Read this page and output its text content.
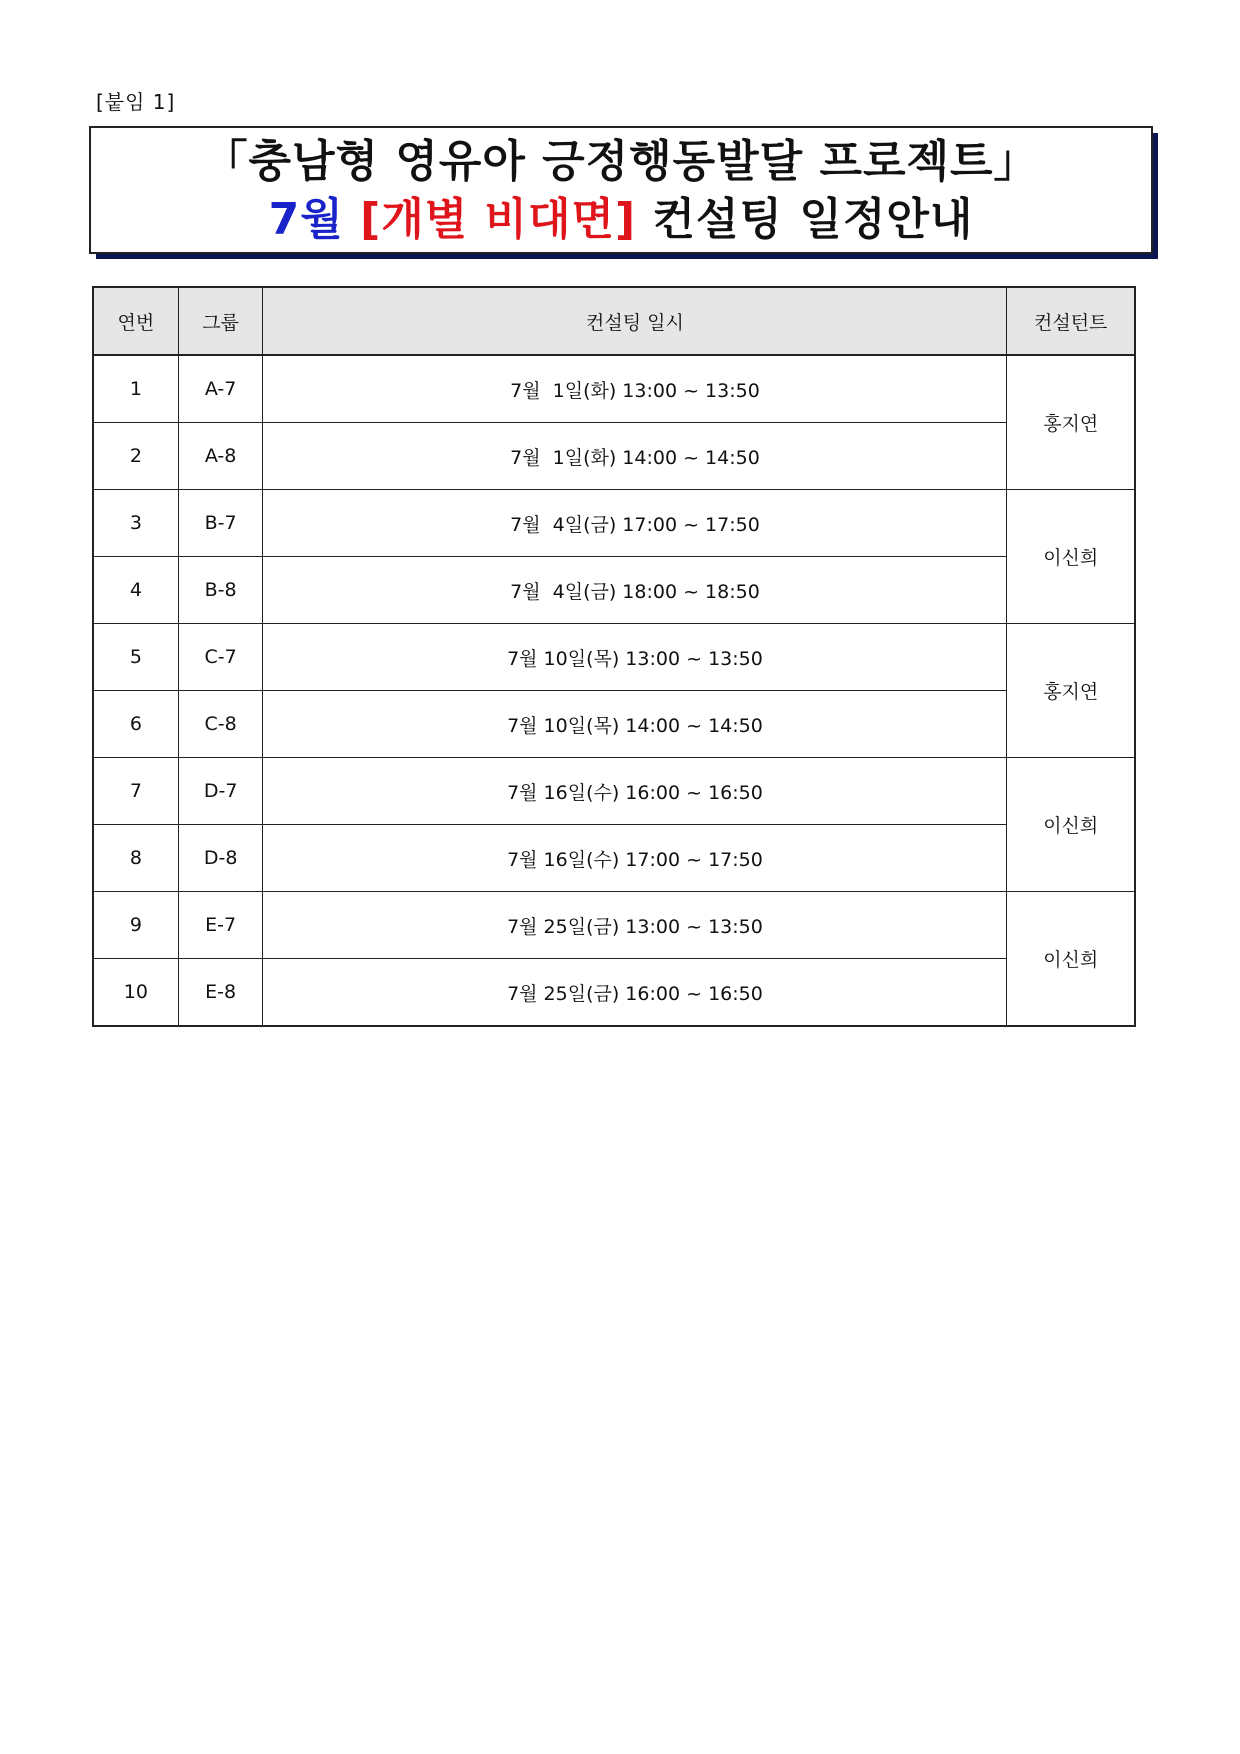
[붙임 1]
「충남형 영유아 긍정행동발달 프로젝트」
7월 [개별 비대면] 컨설팅 일정안내
연번	그룹	컨설팅 일시	컨설턴트
1	A-7	7월  1일(화) 13:00 ~ 13:50	홍지연
2	A-8	7월  1일(화) 14:00 ~ 14:50	
3	B-7	7월  4일(금) 17:00 ~ 17:50	이신희
4	B-8	7월  4일(금) 18:00 ~ 18:50	
5	C-7	7월 10일(목) 13:00 ~ 13:50	홍지연
6	C-8	7월 10일(목) 14:00 ~ 14:50	
7	D-7	7월 16일(수) 16:00 ~ 16:50	이신희
8	D-8	7월 16일(수) 17:00 ~ 17:50	
9	E-7	7월 25일(금) 13:00 ~ 13:50	이신희
10	E-8	7월 25일(금) 16:00 ~ 16:50	
